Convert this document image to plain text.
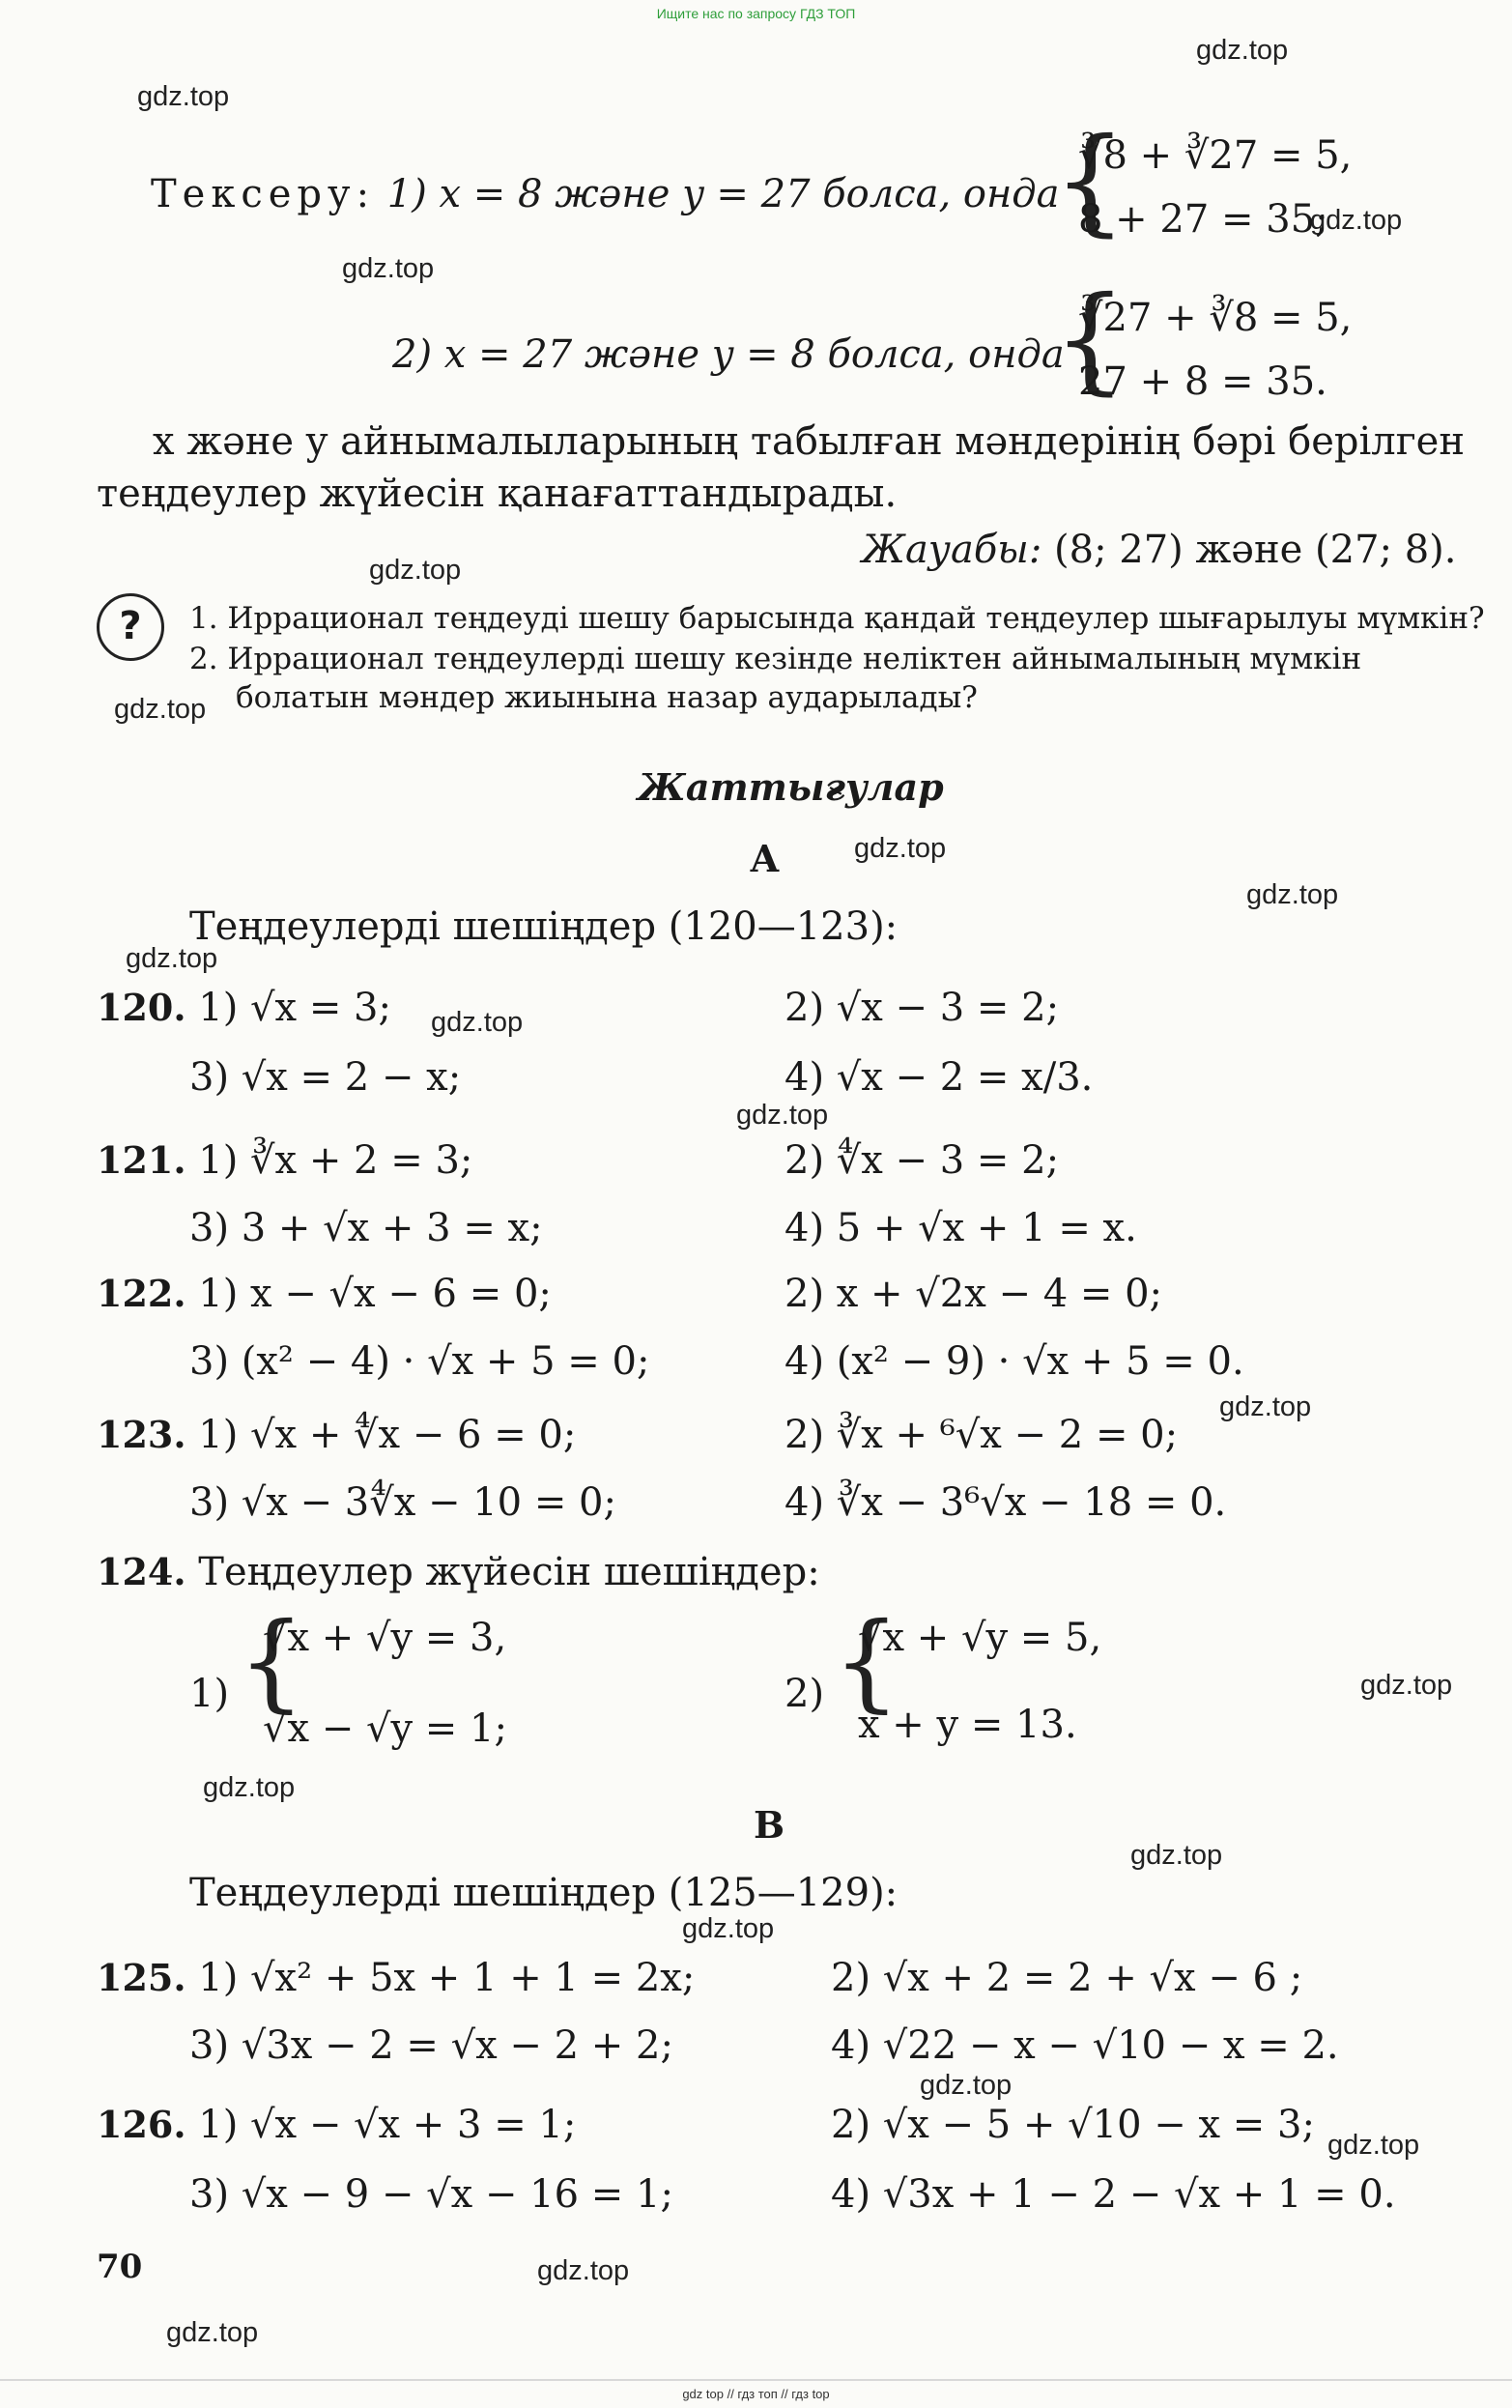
Ищите нас по запросу ГДЗ ТОП
gdz.top
gdz.top
gdz.top
gdz.top
gdz.top
gdz.top
gdz.top
gdz.top
gdz.top
gdz.top
gdz.top
gdz.top
gdz.top
gdz.top
gdz.top
gdz.top
gdz.top
gdz.top
gdz.top
gdz.top
Тексеру: 1) x = 8 және y = 27 болса, онда
{
∛8 + ∛27 = 5,
8 + 27 = 35;
2) x = 27 және y = 8 болса, онда
{
∛27 + ∛8 = 5,
27 + 8 = 35.
x және y айнымалыларының табылған мәндерінің бәрі берілген
теңдеулер жүйесін қанағаттандырады.
Жауабы: (8; 27) және (27; 8).
?	1. Иррационал теңдеуді шешу барысында қандай теңдеулер шығарылуы мүмкін?
2. Иррационал теңдеулерді шешу кезінде неліктен айнымалының мүмкін
болатын мәндер жиынына назар аударылады?
Жаттығулар
А
Теңдеулерді шешіңдер (120—123):
120. 1) √x = 3;	2) √x − 3 = 2;
3) √x = 2 − x;	4) √x − 2 = x/3.
121. 1) ∛x + 2 = 3;	2) ∜x − 3 = 2;
3) 3 + √x + 3 = x;	4) 5 + √x + 1 = x.
122. 1) x − √x − 6 = 0;	2) x + √2x − 4 = 0;
3) (x² − 4) · √x + 5 = 0;	4) (x² − 9) · √x + 5 = 0.
123. 1) √x + ∜x − 6 = 0;	2) ∛x + ⁶√x − 2 = 0;
3) √x − 3∜x − 10 = 0;	4) ∛x − 3⁶√x − 18 = 0.
124. Теңдеулер жүйесін шешіңдер:
1) {
√x + √y = 3,
√x − √y = 1;
2) {
√x + √y = 5,
x + y = 13.
В
Теңдеулерді шешіңдер (125—129):
125. 1) √x² + 5x + 1 + 1 = 2x;	2) √x + 2 = 2 + √x − 6 ;
3) √3x − 2 = √x − 2 + 2;	4) √22 − x − √10 − x = 2.
126. 1) √x − √x + 3 = 1;	2) √x − 5 + √10 − x = 3;
3) √x − 9 − √x − 16 = 1;	4) √3x + 1 − 2 − √x + 1 = 0.
70
gdz top // гдз топ // гдз top
